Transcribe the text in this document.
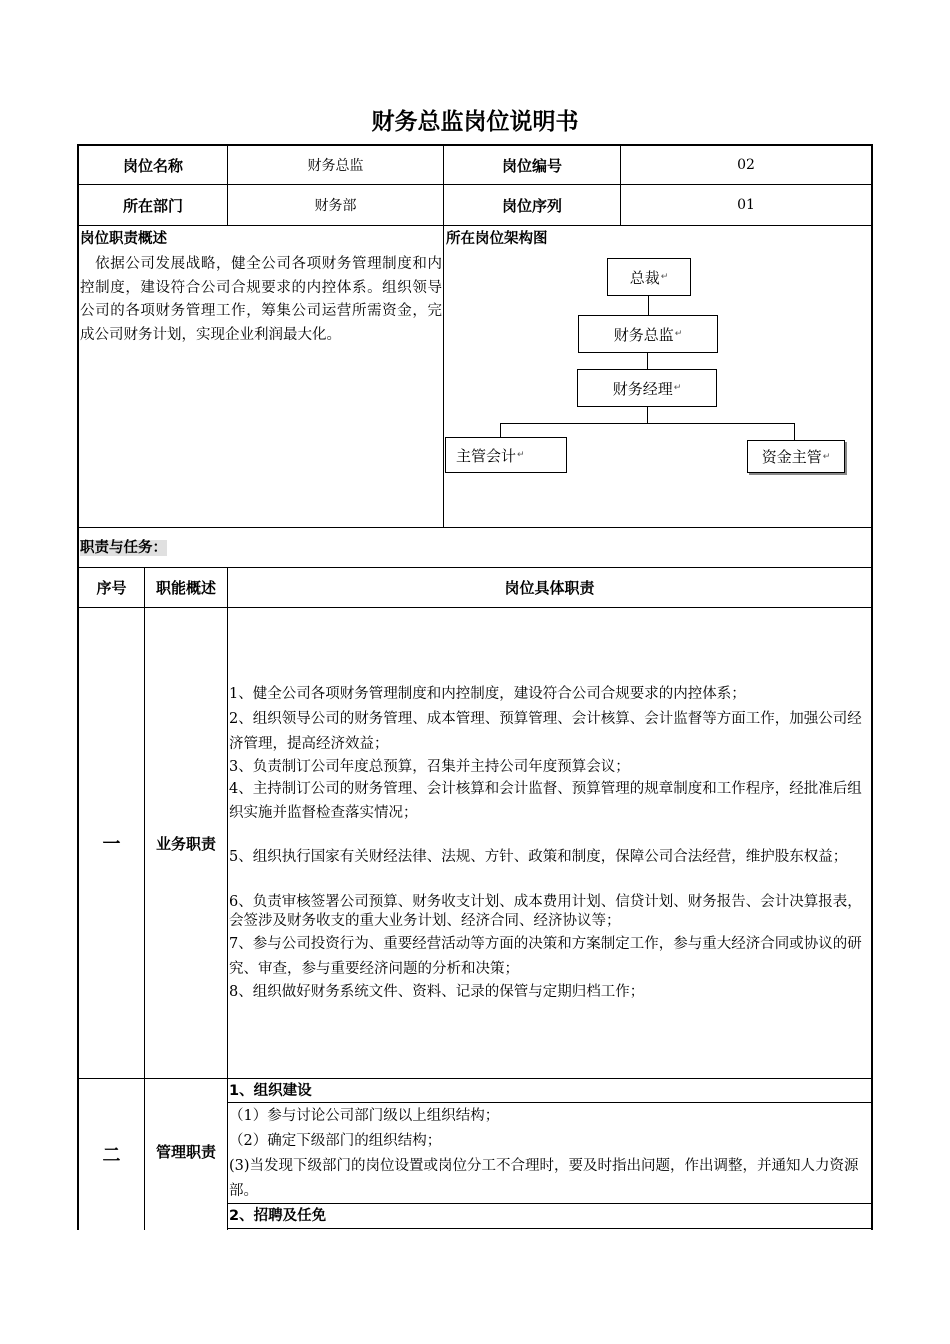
财务总监岗位说明书
岗位名称	财务总监	岗位编号	02
所在部门	财务部	岗位序列	01
岗位职责概述
　依据公司发展战略，健全公司各项财务管理制度和内控制度，建设符合公司合规要求的内控体系。组织领导公司的各项财务管理工作，筹集公司运营所需资金，完成公司财务计划，实现企业利润最大化。
所在岗位架构图
总裁 ↵
财务总监 ↵
财务经理 ↵
主管会计 ↵	资金主管 ↵
职责与任务：
序号	职能概述	岗位具体职责
一	业务职责
1、健全公司各项财务管理制度和内控制度，建设符合公司合规要求的内控体系；
2、组织领导公司的财务管理、成本管理、预算管理、会计核算、会计监督等方面工作，加强公司经济管理，提高经济效益；
3、负责制订公司年度总预算，召集并主持公司年度预算会议；
4、主持制订公司的财务管理、会计核算和会计监督、预算管理的规章制度和工作程序，经批准后组织实施并监督检查落实情况；
5、组织执行国家有关财经法律、法规、方针、政策和制度，保障公司合法经营，维护股东权益；
6、负责审核签署公司预算、财务收支计划、成本费用计划、信贷计划、财务报告、会计决算报表，会签涉及财务收支的重大业务计划、经济合同、经济协议等；
7、参与公司投资行为、重要经营活动等方面的决策和方案制定工作，参与重大经济合同或协议的研究、审查，参与重要经济问题的分析和决策；
8、组织做好财务系统文件、资料、记录的保管与定期归档工作；
二	管理职责
1、组织建设
（1）参与讨论公司部门级以上组织结构；
（2）确定下级部门的组织结构；
(3)当发现下级部门的岗位设置或岗位分工不合理时，要及时指出问题，作出调整，并通知人力资源部。
2、招聘及任免
